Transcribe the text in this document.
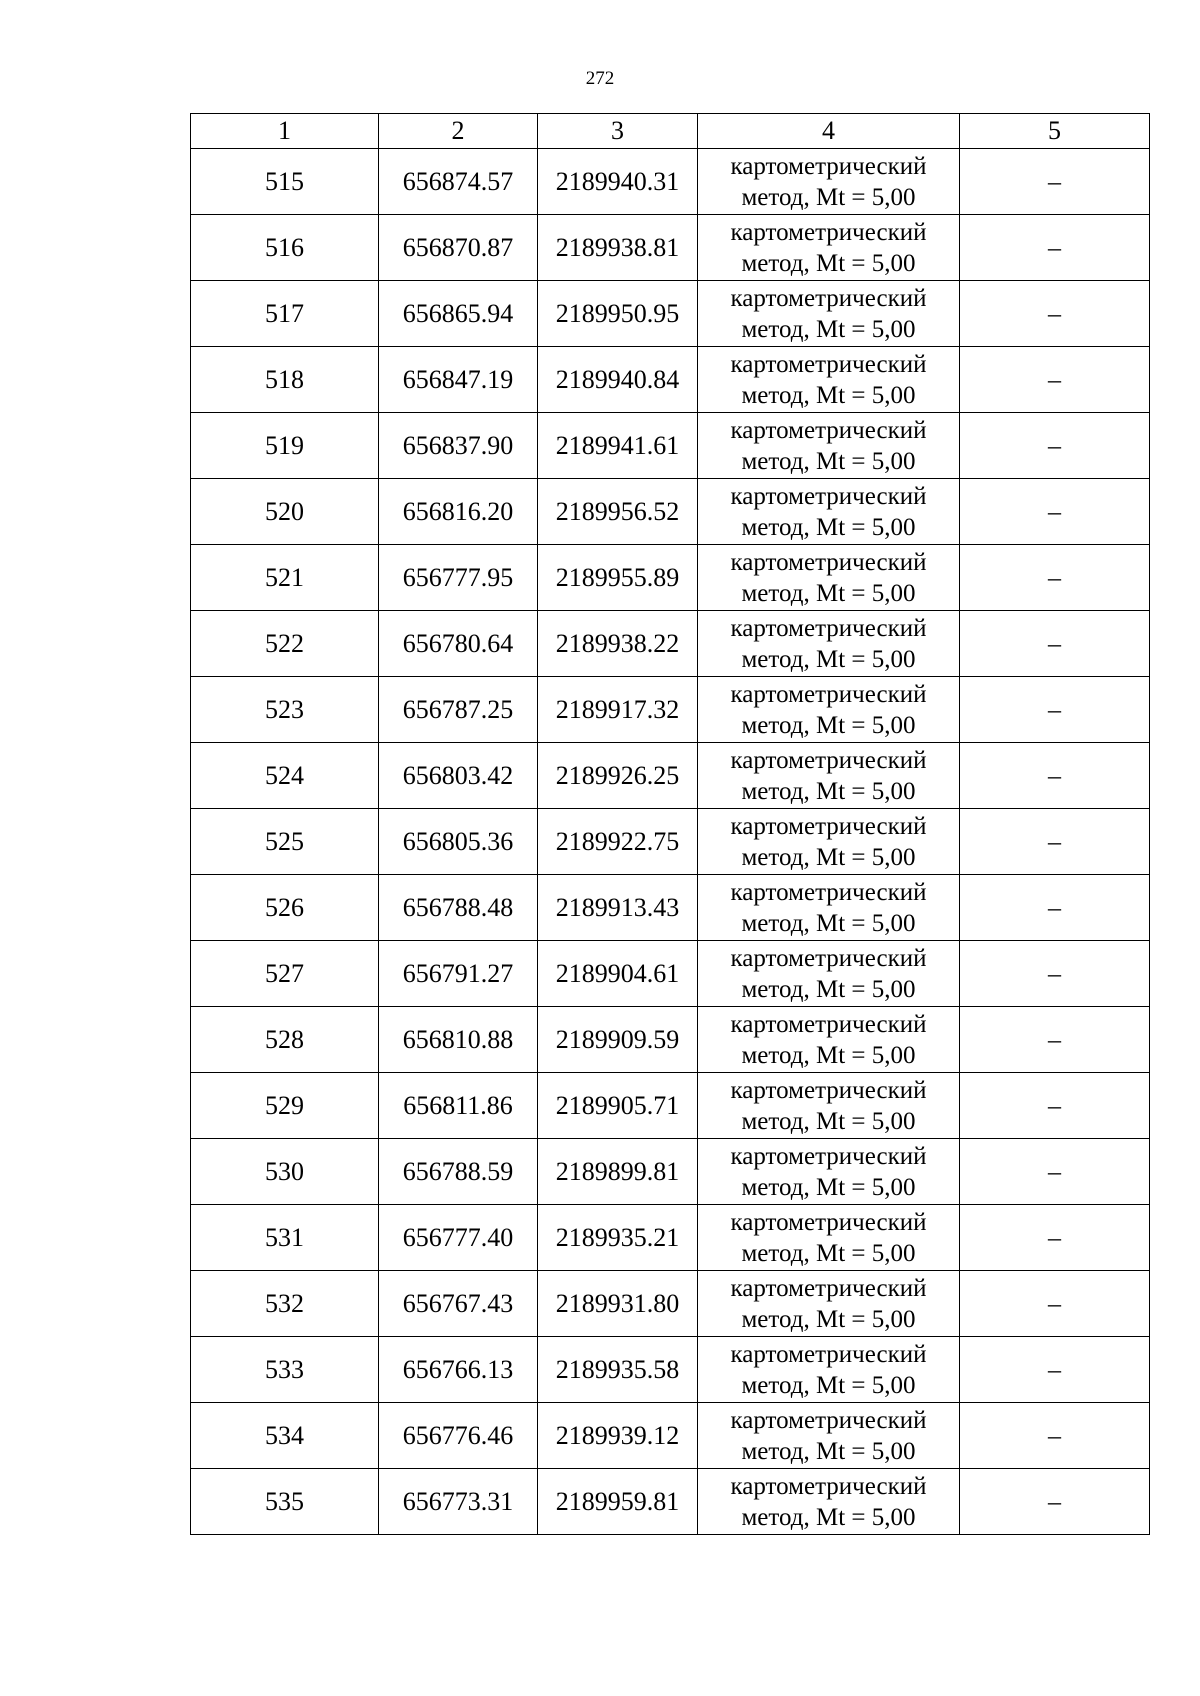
272
1	2	3	4	5
515	656874.57	2189940.31	картометрический
метод, Mt = 5,00	–
516	656870.87	2189938.81	картометрический
метод, Mt = 5,00	–
517	656865.94	2189950.95	картометрический
метод, Mt = 5,00	–
518	656847.19	2189940.84	картометрический
метод, Mt = 5,00	–
519	656837.90	2189941.61	картометрический
метод, Mt = 5,00	–
520	656816.20	2189956.52	картометрический
метод, Mt = 5,00	–
521	656777.95	2189955.89	картометрический
метод, Mt = 5,00	–
522	656780.64	2189938.22	картометрический
метод, Mt = 5,00	–
523	656787.25	2189917.32	картометрический
метод, Mt = 5,00	–
524	656803.42	2189926.25	картометрический
метод, Mt = 5,00	–
525	656805.36	2189922.75	картометрический
метод, Mt = 5,00	–
526	656788.48	2189913.43	картометрический
метод, Mt = 5,00	–
527	656791.27	2189904.61	картометрический
метод, Mt = 5,00	–
528	656810.88	2189909.59	картометрический
метод, Mt = 5,00	–
529	656811.86	2189905.71	картометрический
метод, Mt = 5,00	–
530	656788.59	2189899.81	картометрический
метод, Mt = 5,00	–
531	656777.40	2189935.21	картометрический
метод, Mt = 5,00	–
532	656767.43	2189931.80	картометрический
метод, Mt = 5,00	–
533	656766.13	2189935.58	картометрический
метод, Mt = 5,00	–
534	656776.46	2189939.12	картометрический
метод, Mt = 5,00	–
535	656773.31	2189959.81	картометрический
метод, Mt = 5,00	–
